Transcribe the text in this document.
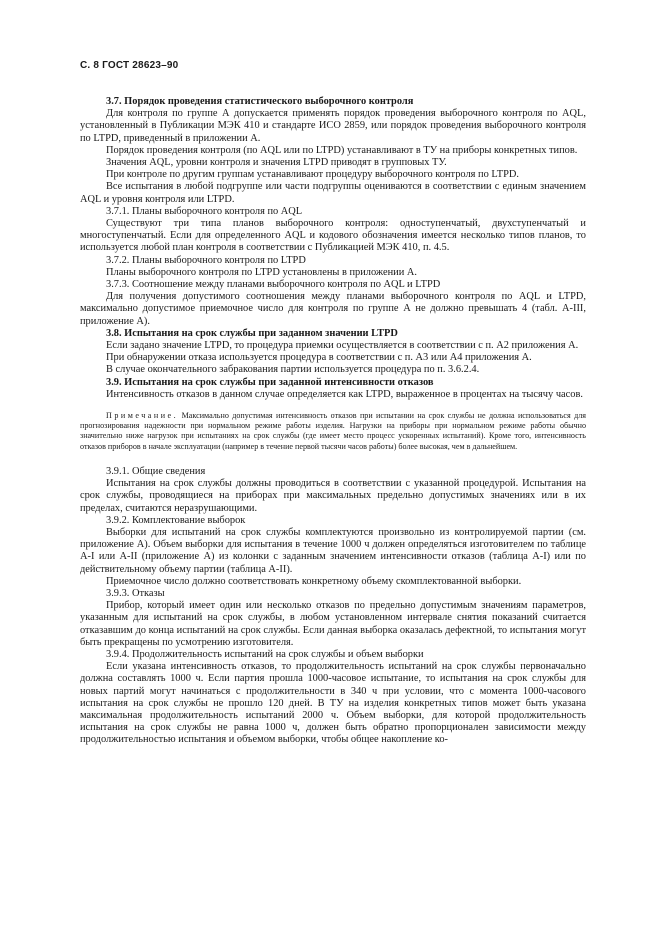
С. 8 ГОСТ 28623–90

3.7. Порядок проведения статистического выборочного контроля

Для контроля по группе А допускается применять порядок проведения выборочного контроля по AQL, установленный в Публикации МЭК 410 и стандарте ИСО 2859, или порядок проведения выборочного контроля по LTPD, приведенный в приложении А.

Порядок проведения контроля (по AQL или по LTPD) устанавливают в ТУ на приборы конкретных типов.

Значения AQL, уровни контроля и значения LTPD приводят в групповых ТУ.

При контроле по другим группам устанавливают процедуру выборочного контроля по LTPD.

Все испытания в любой подгруппе или части подгруппы оцениваются в соответствии с единым значением AQL и уровня контроля или LTPD.

3.7.1. Планы выборочного контроля по AQL

Существуют три типа планов выборочного контроля: одноступенчатый, двухступенчатый и многоступенчатый. Если для определенного AQL и кодового обозначения имеется несколько типов планов, то используется любой план контроля в соответствии с Публикацией МЭК 410, п. 4.5.

3.7.2. Планы выборочного контроля по LTPD

Планы выборочного контроля по LTPD установлены в приложении А.

3.7.3. Соотношение между планами выборочного контроля по AQL и LTPD

Для получения допустимого соотношения между планами выборочного контроля по AQL и LTPD, максимально допустимое приемочное число для контроля по группе А не должно превышать 4 (табл. А-III, приложение А).

3.8. Испытания на срок службы при заданном значении LTPD

Если задано значение LTPD, то процедура приемки осуществляется в соответствии с п. А2 приложения А.

При обнаружении отказа используется процедура в соответствии с п. А3 или А4 приложения А.

В случае окончательного забракования партии используется процедура по п. 3.6.2.4.

3.9. Испытания на срок службы при заданной интенсивности отказов

Интенсивность отказов в данном случае определяется как LTPD, выраженное в процентах на тысячу часов.

Примечание. Максимально допустимая интенсивность отказов при испытании на срок службы не должна использоваться для прогнозирования надежности при нормальном режиме работы изделия. Нагрузки на приборы при нормальном режиме работы обычно значительно ниже нагрузок при испытаниях на срок службы (где имеет место процесс ускоренных испытаний). Кроме того, интенсивность отказов приборов в начале эксплуатации (например в течение первой тысячи часов работы) более высокая, чем в дальнейшем.

3.9.1. Общие сведения

Испытания на срок службы должны проводиться в соответствии с указанной процедурой. Испытания на срок службы, проводящиеся на приборах при максимальных предельно допустимых значениях или в их пределах, считаются неразрушающими.

3.9.2. Комплектование выборок

Выборки для испытаний на срок службы комплектуются произвольно из контролируемой партии (см. приложение А). Объем выборки для испытания в течение 1000 ч должен определяться изготовителем по таблице А-I или А-II (приложение А) из колонки с заданным значением интенсивности отказов (таблица А-I) или по действительному объему партии (таблица А-II).

Приемочное число должно соответствовать конкретному объему скомплектованной выборки.

3.9.3. Отказы

Прибор, который имеет один или несколько отказов по предельно допустимым значениям параметров, указанным для испытаний на срок службы, в любом установленном интервале снятия показаний считается отказавшим до конца испытаний на срок службы. Если данная выборка оказалась дефектной, то испытания могут быть прекращены по усмотрению изготовителя.

3.9.4. Продолжительность испытаний на срок службы и объем выборки

Если указана интенсивность отказов, то продолжительность испытаний на срок службы первоначально должна составлять 1000 ч. Если партия прошла 1000-часовое испытание, то испытания на срок службы для новых партий могут начинаться с продолжительности в 340 ч при условии, что с момента 1000-часового испытания на срок службы не прошло 120 дней. В ТУ на изделия конкретных типов может быть указана максимальная продолжительность испытаний 2000 ч. Объем выборки, для которой продолжительность испытания на срок службы не равна 1000 ч, должен быть обратно пропорционален зависимости между продолжительностью испытания и объемом выборки, чтобы общее накопление ко-
